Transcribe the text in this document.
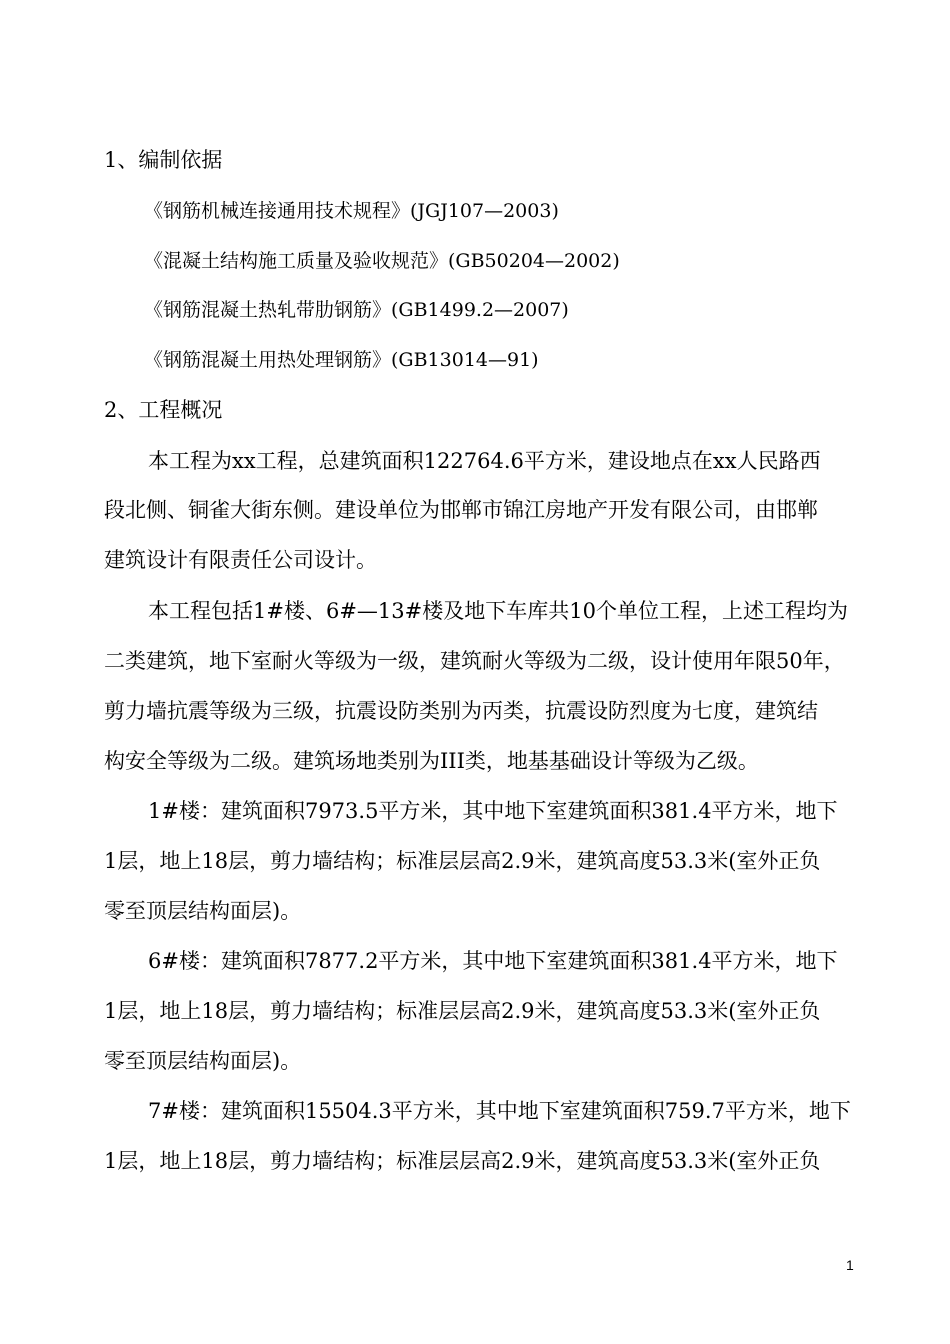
1、编制依据
《钢筋机械连接通用技术规程》(JGJ107—2003)
《混凝土结构施工质量及验收规范》(GB50204—2002)
《钢筋混凝土热轧带肋钢筋》(GB1499.2—2007)
《钢筋混凝土用热处理钢筋》(GB13014—91)
2、工程概况
本工程为xx工程，总建筑面积122764.6平方米，建设地点在xx人民路西
段北侧、铜雀大街东侧。建设单位为邯郸市锦江房地产开发有限公司，由邯郸
建筑设计有限责任公司设计。
本工程包括1#楼、6#—13#楼及地下车库共10个单位工程，上述工程均为
二类建筑，地下室耐火等级为一级，建筑耐火等级为二级，设计使用年限50年，
剪力墙抗震等级为三级，抗震设防类别为丙类，抗震设防烈度为七度，建筑结
构安全等级为二级。建筑场地类别为III类，地基基础设计等级为乙级。
1#楼：建筑面积7973.5平方米，其中地下室建筑面积381.4平方米，地下
1层，地上18层，剪力墙结构；标准层层高2.9米，建筑高度53.3米(室外正负
零至顶层结构面层)。
6#楼：建筑面积7877.2平方米，其中地下室建筑面积381.4平方米，地下
1层，地上18层，剪力墙结构；标准层层高2.9米，建筑高度53.3米(室外正负
零至顶层结构面层)。
7#楼：建筑面积15504.3平方米，其中地下室建筑面积759.7平方米，地下
1层，地上18层，剪力墙结构；标准层层高2.9米，建筑高度53.3米(室外正负
1
